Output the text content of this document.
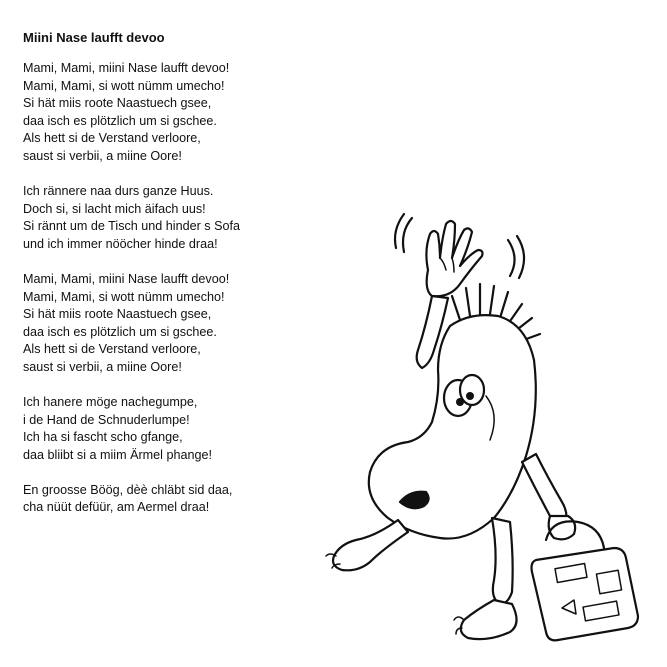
Miini Nase laufft devoo
Mami, Mami, miini Nase laufft devoo!
Mami, Mami, si wott nümm umecho!
Si hät miis roote Naastuech gsee,
daa isch es plötzlich um si gschee.
Als hett si de Verstand verloore,
saust si verbii, a miine Oore!
Ich rännere naa durs ganze Huus.
Doch si, si lacht mich äifach uus!
Si rännt um de Tisch und hinder s Sofa
und ich immer nööcher hinde draa!
Mami, Mami, miini Nase laufft devoo!
Mami, Mami, si wott nümm umecho!
Si hät miis roote Naastuech gsee,
daa isch es plötzlich um si gschee.
Als hett si de Verstand verloore,
saust si verbii, a miine Oore!
Ich hanere möge nachegumpe,
i de Hand de Schnuderlumpe!
Ich ha si fascht scho gfange,
daa bliibt si a miim Ärmel phange!
En groosse Böög, dèè chläbt sid daa,
cha nüüt defüür, am Aermel draa!
